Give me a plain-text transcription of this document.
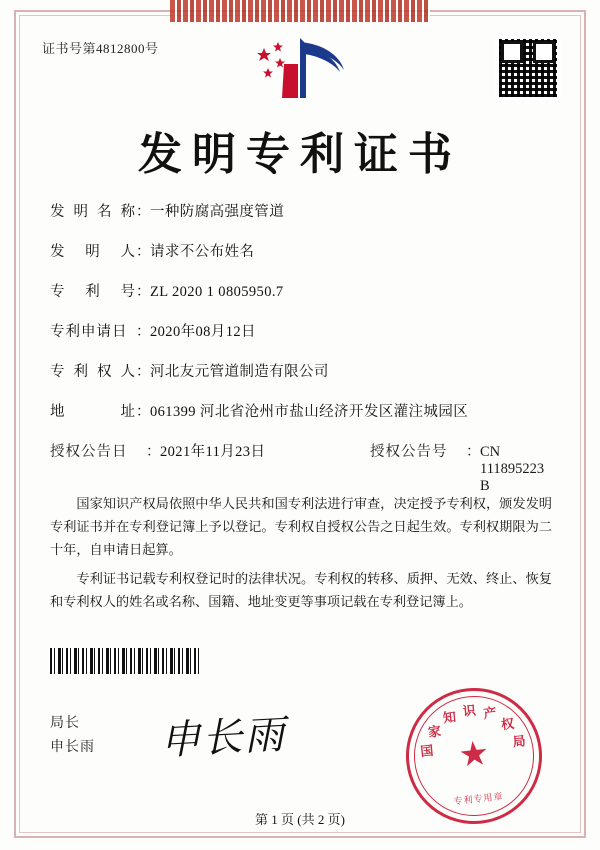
证书号第4812800号
发明专利证书
发 明 名 称 ： 一种防腐高强度管道
发 明 人 ： 请求不公布姓名
专 利 号 ： ZL 2020 1 0805950.7
专利申请日 ： 2020年08月12日
专 利 权 人 ： 河北友元管道制造有限公司
地	址 ： 061399 河北省沧州市盐山经济开发区灌注城园区
授权公告日	： 2021年11月23日	授权公告号	： CN 111895223 B

国家知识产权局依照中华人民共和国专利法进行审查，决定授予专利权，颁发发明专利证书并在专利登记簿上予以登记。专利权自授权公告之日起生效。专利权期限为二十年，自申请日起算。

专利证书记载专利权登记时的法律状况。专利权的转移、质押、无效、终止、恢复和专利权人的姓名或名称、国籍、地址变更等事项记载在专利登记簿上。

局长
申长雨 申长雨	★
国
家
知 识 产
权
局
专利专用章
第 1 页 (共 2 页)
